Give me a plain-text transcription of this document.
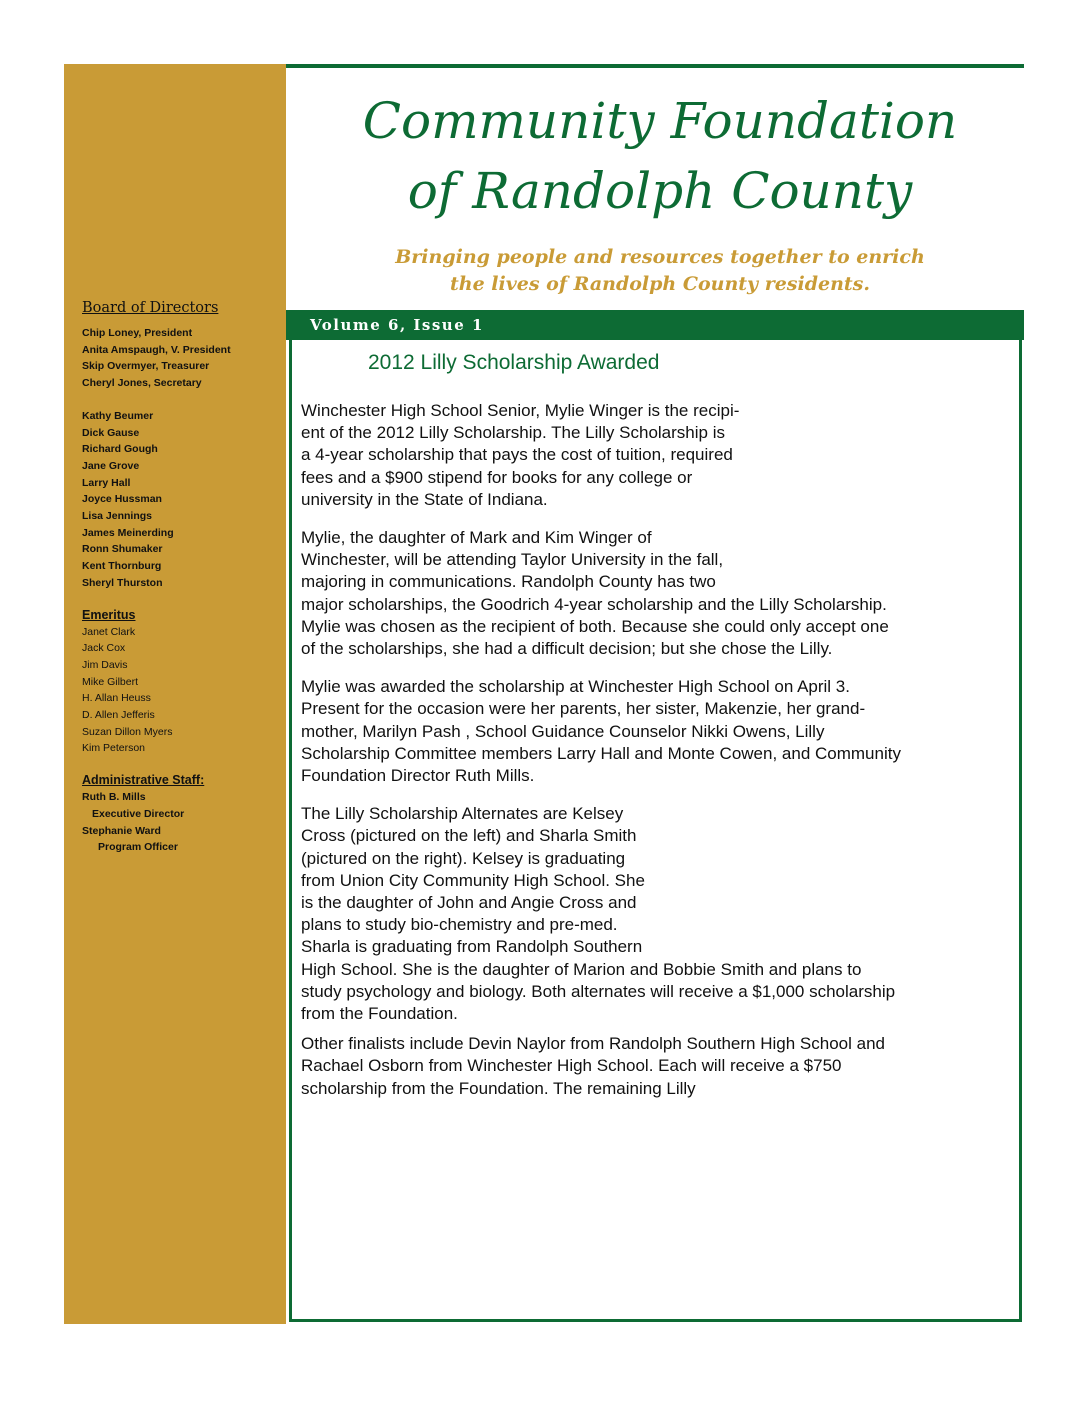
Community Foundation
of Randolph County

Bringing people and resources together to enrich
the lives of Randolph County residents.

Volume 6, Issue 1
Board of Directors
Chip Loney, President
Anita Amspaugh, V. President
Skip Overmyer, Treasurer
Cheryl Jones, Secretary
Kathy Beumer
Dick Gause
Richard Gough
Jane Grove
Larry Hall
Joyce Hussman
Lisa Jennings
James Meinerding
Ronn Shumaker
Kent Thornburg
Sheryl Thurston
Emeritus
Janet Clark
Jack Cox
Jim Davis
Mike Gilbert
H. Allan Heuss
D. Allen Jefferis
Suzan Dillon Myers
Kim Peterson
Administrative Staff:
Ruth B. Mills
Executive Director
Stephanie Ward
Program Officer
2012 Lilly Scholarship Awarded

Winchester High School Senior, Mylie Winger is the recipi-
ent of the 2012 Lilly Scholarship. The Lilly Scholarship is
a 4-year scholarship that pays the cost of tuition, required
fees and a $900 stipend for books for any college or
university in the State of Indiana.

Mylie, the daughter of Mark and Kim Winger of
Winchester, will be attending Taylor University in the fall,
majoring in communications. Randolph County has two
major scholarships, the Goodrich 4-year scholarship and the Lilly Scholarship.
Mylie was chosen as the recipient of both. Because she could only accept one
of the scholarships, she had a difficult decision; but she chose the Lilly.

Mylie was awarded the scholarship at Winchester High School on April 3.
Present for the occasion were her parents, her sister, Makenzie, her grand-
mother, Marilyn Pash , School Guidance Counselor Nikki Owens, Lilly
Scholarship Committee members Larry Hall and Monte Cowen, and Community
Foundation Director Ruth Mills.

The Lilly Scholarship Alternates are Kelsey
Cross (pictured on the left) and Sharla Smith
(pictured on the right). Kelsey is graduating
from Union City Community High School. She
is the daughter of John and Angie Cross and
plans to study bio-chemistry and pre-med.
Sharla is graduating from Randolph Southern
High School. She is the daughter of Marion and Bobbie Smith and plans to
study psychology and biology. Both alternates will receive a $1,000 scholarship
from the Foundation.

Other finalists include Devin Naylor from Randolph Southern High School and
Rachael Osborn from Winchester High School. Each will receive a $750
scholarship from the Foundation. The remaining Lilly
